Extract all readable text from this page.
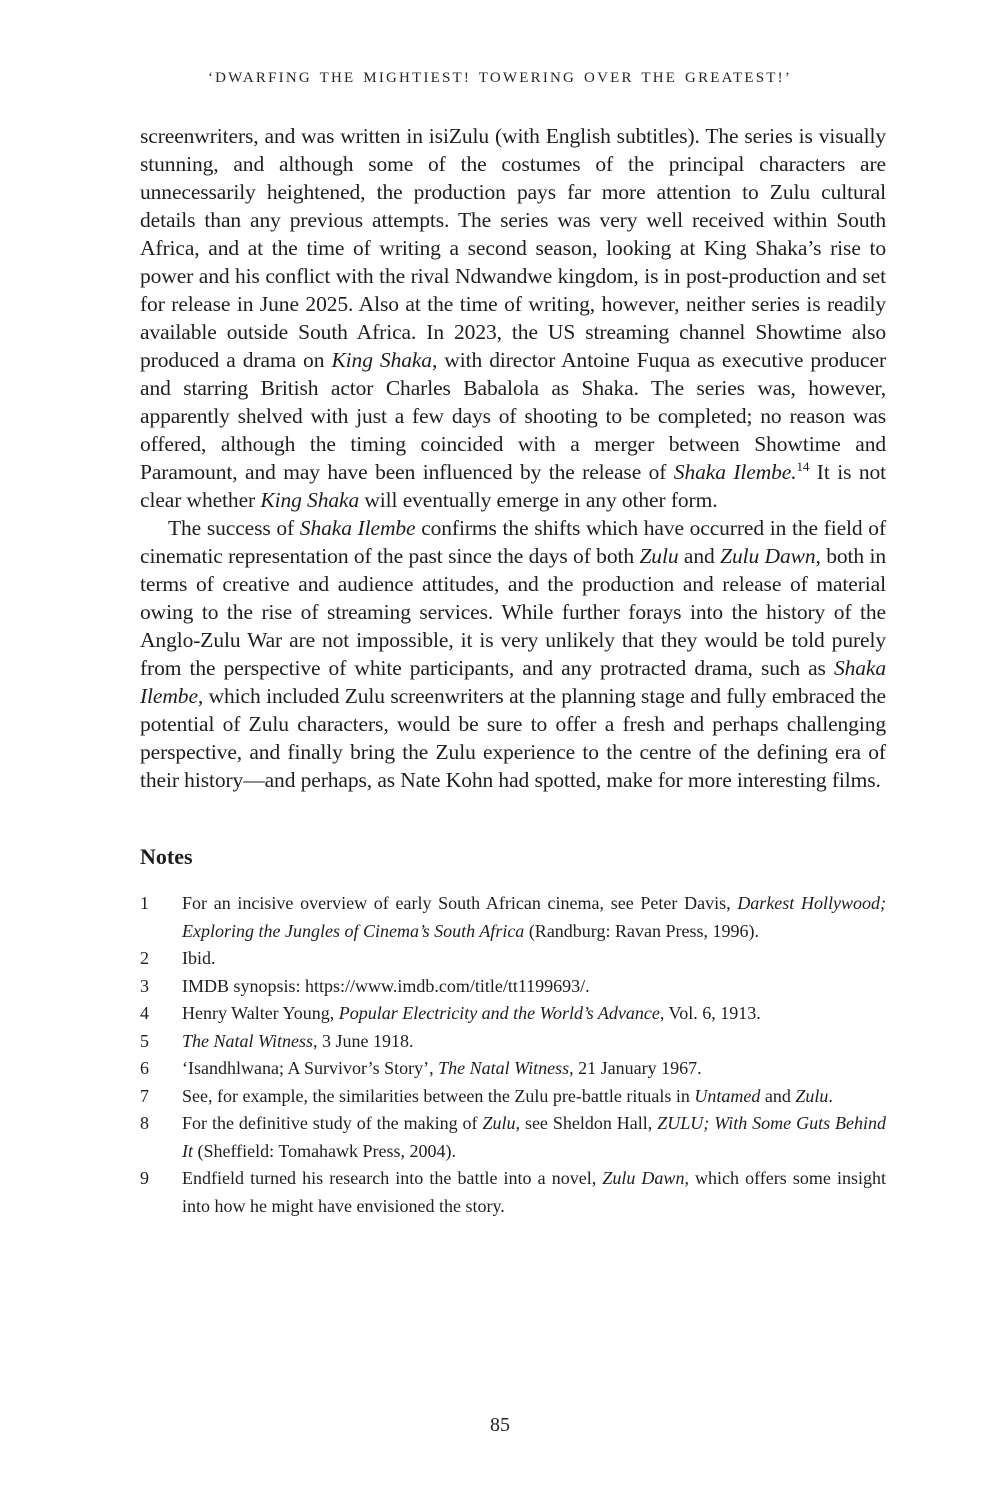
‘DWARFING THE MIGHTIEST! TOWERING OVER THE GREATEST!’

screenwriters, and was written in isiZulu (with English subtitles). The series is visually stunning, and although some of the costumes of the principal characters are unnecessarily heightened, the production pays far more attention to Zulu cultural details than any previous attempts. The series was very well received within South Africa, and at the time of writing a second season, looking at King Shaka’s rise to power and his conflict with the rival Ndwandwe kingdom, is in post-production and set for release in June 2025. Also at the time of writing, however, neither series is readily available outside South Africa. In 2023, the US streaming channel Showtime also produced a drama on King Shaka, with director Antoine Fuqua as executive producer and starring British actor Charles Babalola as Shaka. The series was, however, apparently shelved with just a few days of shooting to be completed; no reason was offered, although the timing coincided with a merger between Showtime and Paramount, and may have been influenced by the release of Shaka Ilembe.$^{14}$ It is not clear whether King Shaka will eventually emerge in any other form.

The success of Shaka Ilembe confirms the shifts which have occurred in the field of cinematic representation of the past since the days of both Zulu and Zulu Dawn, both in terms of creative and audience attitudes, and the production and release of material owing to the rise of streaming services. While further forays into the history of the Anglo-Zulu War are not impossible, it is very unlikely that they would be told purely from the perspective of white participants, and any protracted drama, such as Shaka Ilembe, which included Zulu screenwriters at the planning stage and fully embraced the potential of Zulu characters, would be sure to offer a fresh and perhaps challenging perspective, and finally bring the Zulu experience to the centre of the defining era of their history—and perhaps, as Nate Kohn had spotted, make for more interesting films.

Notes
1	For an incisive overview of early South African cinema, see Peter Davis, Darkest Hollywood; Exploring the Jungles of Cinema’s South Africa (Randburg: Ravan Press, 1996).
2	Ibid.
3	IMDB synopsis: https://www.imdb.com/title/tt1199693/.
4	Henry Walter Young, Popular Electricity and the World’s Advance, Vol. 6, 1913.
5	The Natal Witness, 3 June 1918.
6	‘Isandhlwana; A Survivor’s Story’, The Natal Witness, 21 January 1967.
7	See, for example, the similarities between the Zulu pre-battle rituals in Untamed and Zulu.
8	For the definitive study of the making of Zulu, see Sheldon Hall, ZULU; With Some Guts Behind It (Sheffield: Tomahawk Press, 2004).
9	Endfield turned his research into the battle into a novel, Zulu Dawn, which offers some insight into how he might have envisioned the story.
85
